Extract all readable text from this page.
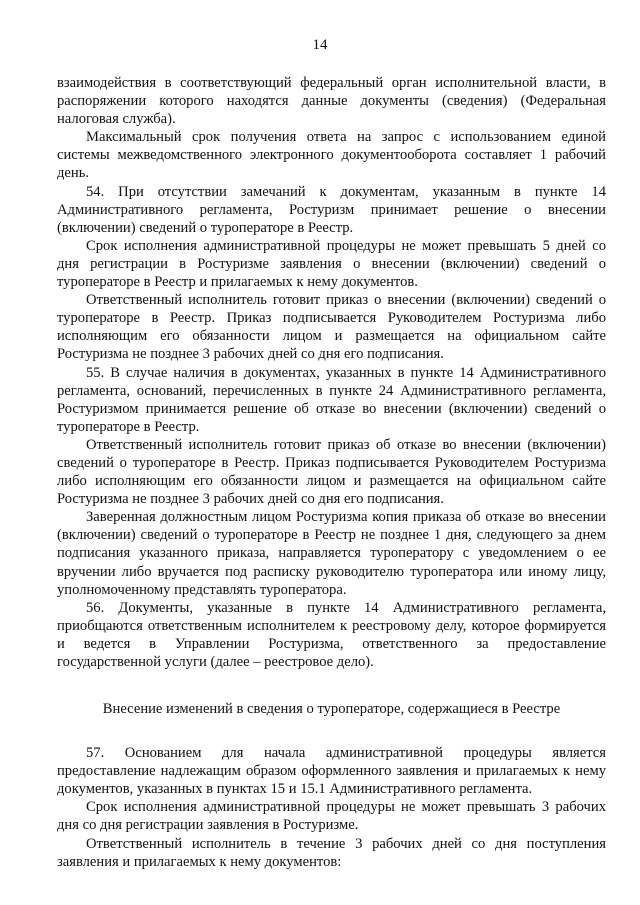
14

взаимодействия в соответствующий федеральный орган исполнительной власти, в распоряжении которого находятся данные документы (сведения) (Федеральная налоговая служба).

Максимальный срок получения ответа на запрос с использованием единой системы межведомственного электронного документооборота составляет 1 рабочий день.

54. При отсутствии замечаний к документам, указанным в пункте 14 Административного регламента, Ростуризм принимает решение о внесении (включении) сведений о туроператоре в Реестр.

Срок исполнения административной процедуры не может превышать 5 дней со дня регистрации в Ростуризме заявления о внесении (включении) сведений о туроператоре в Реестр и прилагаемых к нему документов.

Ответственный исполнитель готовит приказ о внесении (включении) сведений о туроператоре в Реестр. Приказ подписывается Руководителем Ростуризма либо исполняющим его обязанности лицом и размещается на официальном сайте Ростуризма не позднее 3 рабочих дней со дня его подписания.

55. В случае наличия в документах, указанных в пункте 14 Административного регламента, оснований, перечисленных в пункте 24 Административного регламента, Ростуризмом принимается решение об отказе во внесении (включении) сведений о туроператоре в Реестр.

Ответственный исполнитель готовит приказ об отказе во внесении (включении) сведений о туроператоре в Реестр. Приказ подписывается Руководителем Ростуризма либо исполняющим его обязанности лицом и размещается на официальном сайте Ростуризма не позднее 3 рабочих дней со дня его подписания.

Заверенная должностным лицом Ростуризма копия приказа об отказе во внесении (включении) сведений о туроператоре в Реестр не позднее 1 дня, следующего за днем подписания указанного приказа, направляется туроператору с уведомлением о ее вручении либо вручается под расписку руководителю туроператора или иному лицу, уполномоченному представлять туроператора.

56. Документы, указанные в пункте 14 Административного регламента, приобщаются ответственным исполнителем к реестровому делу, которое формируется и ведется в Управлении Ростуризма, ответственного за предоставление государственной услуги (далее – реестровое дело).

Внесение изменений в сведения о туроператоре, содержащиеся в Реестре

57. Основанием для начала административной процедуры является предоставление надлежащим образом оформленного заявления и прилагаемых к нему документов, указанных в пунктах 15 и 15.1 Административного регламента.

Срок исполнения административной процедуры не может превышать 3 рабочих дня со дня регистрации заявления в Ростуризме.

Ответственный исполнитель в течение 3 рабочих дней со дня поступления заявления и прилагаемых к нему документов:
